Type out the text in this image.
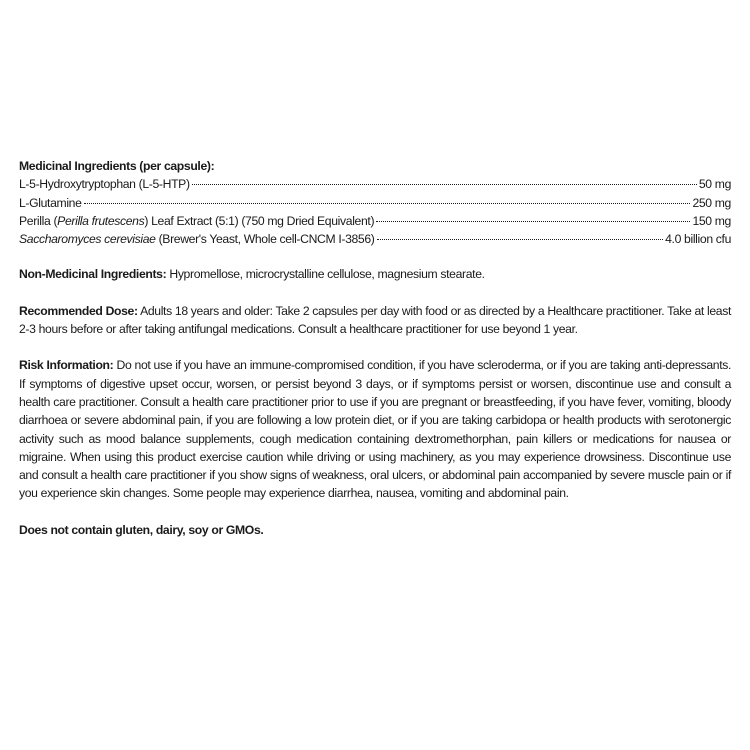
Medicinal Ingredients (per capsule):

L-5-Hydroxytryptophan (L-5-HTP)	50 mg
L-Glutamine	250 mg
Perilla (Perilla frutescens) Leaf Extract (5:1) (750 mg Dried Equivalent)	150 mg
Saccharomyces cerevisiae (Brewer's Yeast, Whole cell-CNCM I-3856)	4.0 billion cfu

Non-Medicinal Ingredients: Hypromellose, microcrystalline cellulose, magnesium stearate.

Recommended Dose: Adults 18 years and older: Take 2 capsules per day with food or as directed by a Healthcare practitioner. Take at least 2-3 hours before or after taking antifungal medications. Consult a healthcare practitioner for use beyond 1 year.

Risk Information: Do not use if you have an immune-compromised condition, if you have scleroderma, or if you are taking anti-depressants. If symptoms of digestive upset occur, worsen, or persist beyond 3 days, or if symptoms persist or worsen, discontinue use and consult a health care practitioner. Consult a health care practitioner prior to use if you are pregnant or breastfeeding, if you have fever, vomiting, bloody diarrhoea or severe abdominal pain, if you are following a low protein diet, or if you are taking carbidopa or health products with serotonergic activity such as mood balance supplements, cough medication containing dextromethorphan, pain killers or medications for nausea or migraine. When using this product exercise caution while driving or using machinery, as you may experience drowsiness. Discontinue use and consult a health care practitioner if you show signs of weakness, oral ulcers, or abdominal pain accompanied by severe muscle pain or if you experience skin changes. Some people may experience diarrhea, nausea, vomiting and abdominal pain.

Does not contain gluten, dairy, soy or GMOs.
